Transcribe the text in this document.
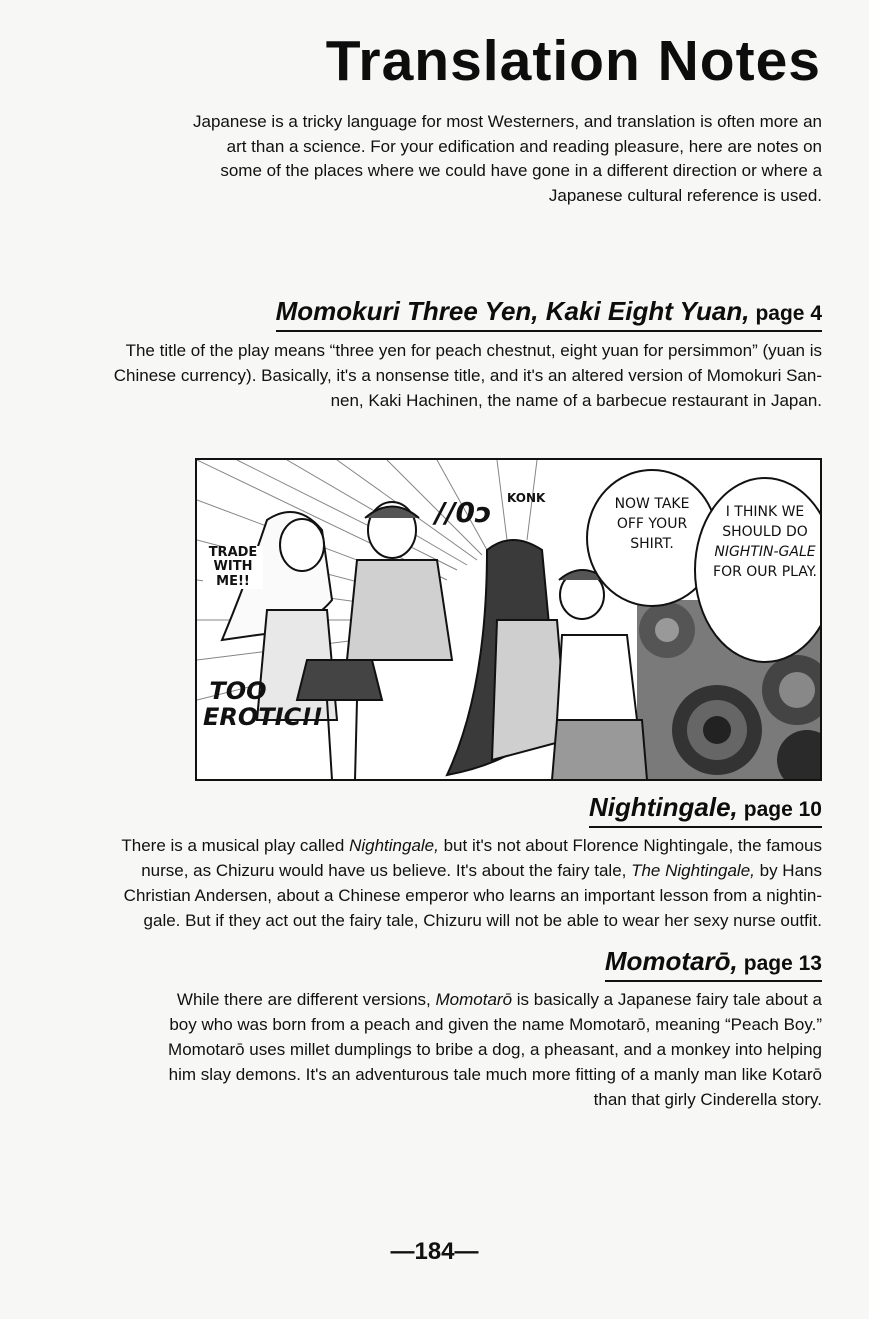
Translation Notes

Japanese is a tricky language for most Westerners, and translation is often more an art than a science. For your edification and reading pleasure, here are notes on some of the places where we could have gone in a different direction or where a Japanese cultural reference is used.

Momokuri Three Yen, Kaki Eight Yuan, page 4

The title of the play means “three yen for peach chestnut, eight yuan for persimmon” (yuan is Chinese currency). Basically, it's a nonsense title, and it's an altered version of Momokuri San-nen, Kaki Hachinen, the name of a barbecue restaurant in Japan.

TRADE WITH ME!!
TOO EROTIC!!
//0ɔ KONK	NOW TAKE OFF YOUR SHIRT.
I THINK WE SHOULD DO NIGHTIN-GALE FOR OUR PLAY.
Nightingale, page 10

There is a musical play called Nightingale, but it's not about Florence Nightingale, the famous nurse, as Chizuru would have us believe. It's about the fairy tale, The Nightingale, by Hans Christian Andersen, about a Chinese emperor who learns an important lesson from a nightin-gale. But if they act out the fairy tale, Chizuru will not be able to wear her sexy nurse outfit.

Momotarō, page 13

While there are different versions, Momotarō is basically a Japanese fairy tale about a boy who was born from a peach and given the name Momotarō, meaning “Peach Boy.” Momotarō uses millet dumplings to bribe a dog, a pheasant, and a monkey into helping him slay demons. It's an adventurous tale much more fitting of a manly man like Kotarō than that girly Cinderella story.

—184—
